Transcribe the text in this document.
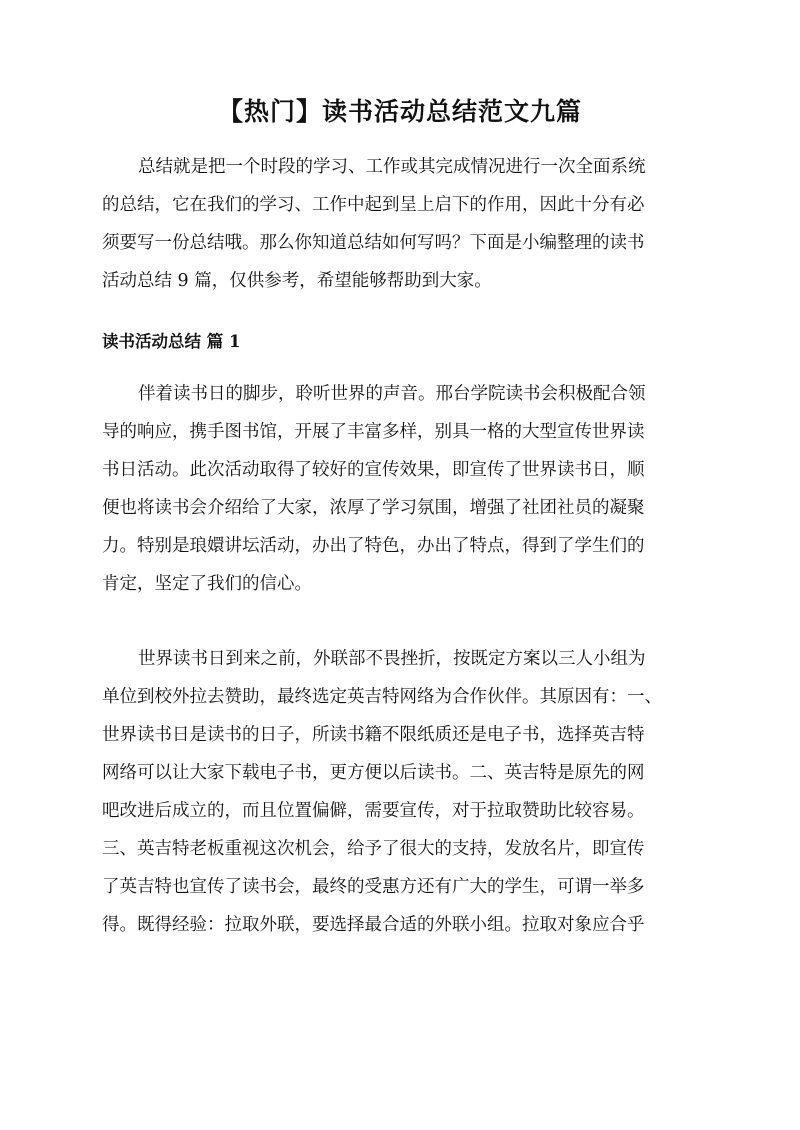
【热门】读书活动总结范文九篇
总结就是把一个时段的学习、工作或其完成情况进行一次全面系统
的总结，它在我们的学习、工作中起到呈上启下的作用，因此十分有必
须要写一份总结哦。那么你知道总结如何写吗？下面是小编整理的读书
活动总结 9 篇，仅供参考，希望能够帮助到大家。
读书活动总结 篇 1
伴着读书日的脚步，聆听世界的声音。邢台学院读书会积极配合领
导的响应，携手图书馆，开展了丰富多样，别具一格的大型宣传世界读
书日活动。此次活动取得了较好的宣传效果，即宣传了世界读书日，顺
便也将读书会介绍给了大家，浓厚了学习氛围，增强了社团社员的凝聚
力。特别是琅嬛讲坛活动，办出了特色，办出了特点，得到了学生们的
肯定，坚定了我们的信心。
世界读书日到来之前，外联部不畏挫折，按既定方案以三人小组为
单位到校外拉去赞助，最终选定英吉特网络为合作伙伴。其原因有：一、
世界读书日是读书的日子，所读书籍不限纸质还是电子书，选择英吉特
网络可以让大家下载电子书，更方便以后读书。二、英吉特是原先的网
吧改进后成立的，而且位置偏僻，需要宣传，对于拉取赞助比较容易。
三、英吉特老板重视这次机会，给予了很大的支持，发放名片，即宣传
了英吉特也宣传了读书会，最终的受惠方还有广大的学生，可谓一举多
得。既得经验：拉取外联，要选择最合适的外联小组。拉取对象应合乎
